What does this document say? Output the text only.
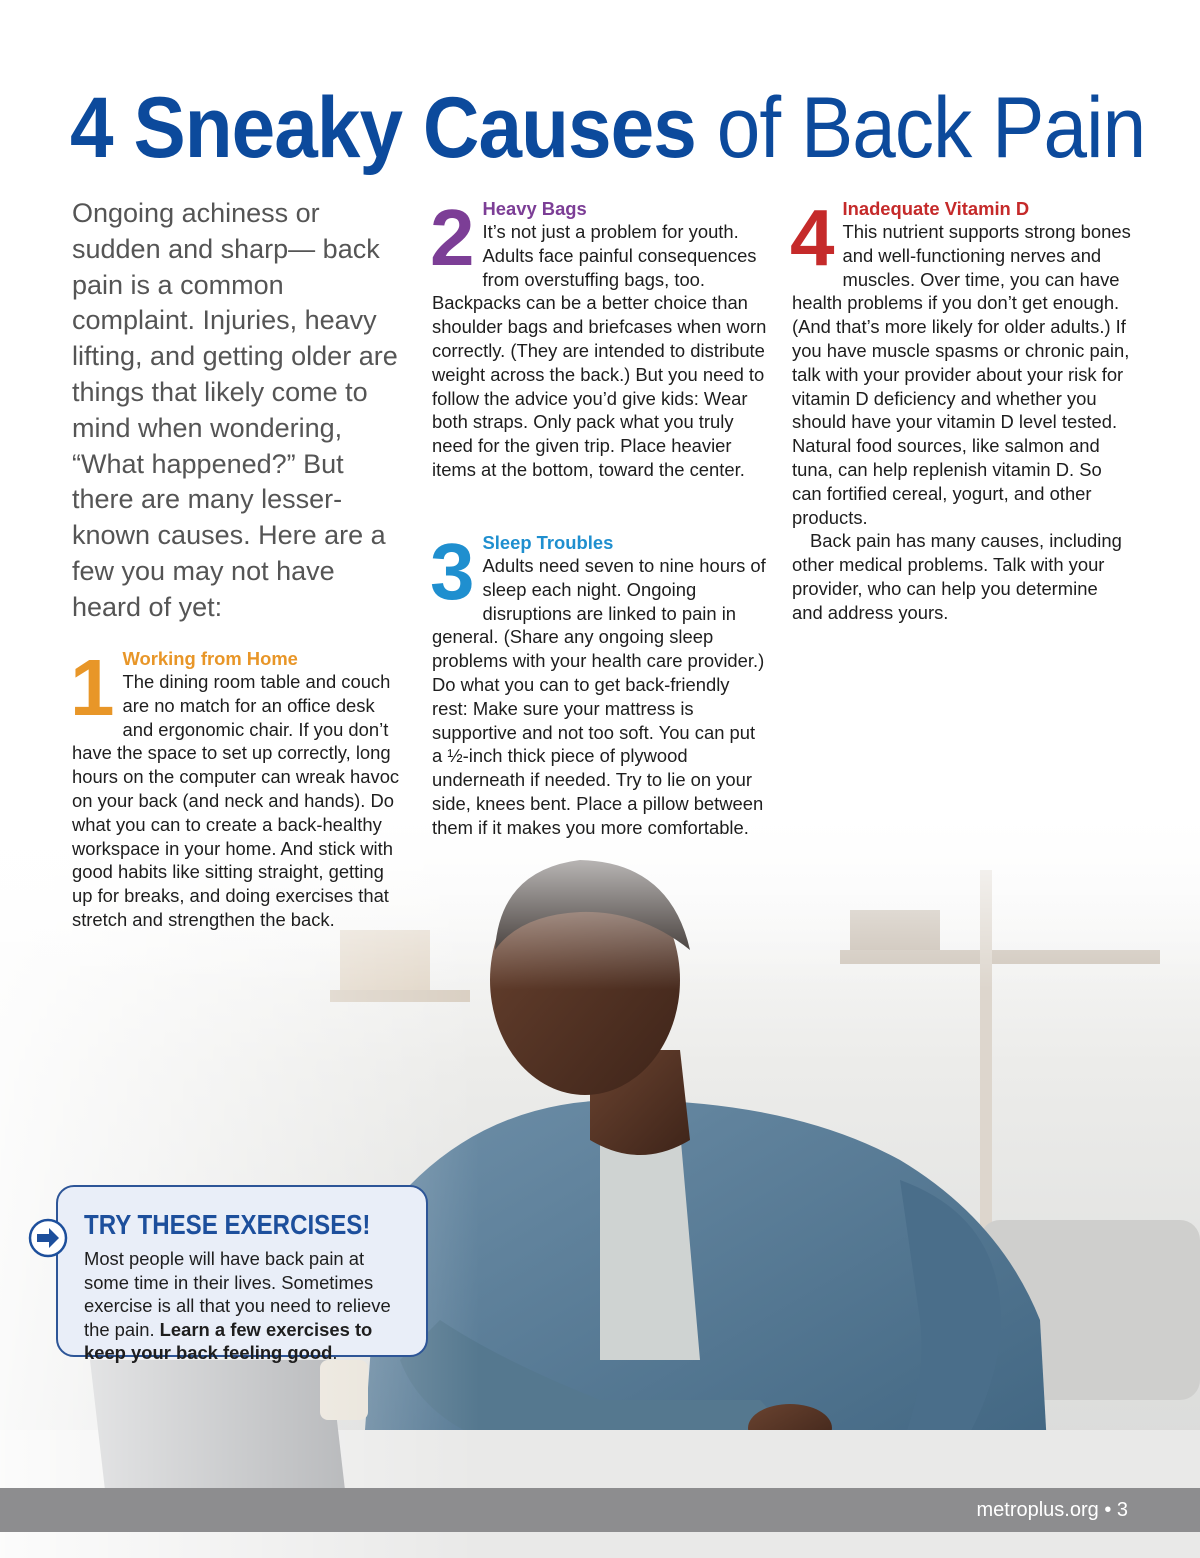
4 Sneaky Causes of Back Pain

Ongoing achiness or sudden and sharp— back pain is a common complaint. Injuries, heavy lifting, and getting older are things that likely come to mind when wondering, “What happened?” But there are many lesser-known causes. Here are a few you may not have heard of yet:

1 Working from Home

The dining room table and couch are no match for an office desk and ergonomic chair. If you don’t have the space to set up correctly, long hours on the computer can wreak havoc on your back (and neck and hands). Do what you can to create a back-healthy workspace in your home. And stick with good habits like sitting straight, getting up for breaks, and doing exercises that stretch and strengthen the back.

2 Heavy Bags

It’s not just a problem for youth. Adults face painful consequences from overstuffing bags, too. Backpacks can be a better choice than shoulder bags and briefcases when worn correctly. (They are intended to distribute weight across the back.) But you need to follow the advice you’d give kids: Wear both straps. Only pack what you truly need for the given trip. Place heavier items at the bottom, toward the center.

3 Sleep Troubles

Adults need seven to nine hours of sleep each night. Ongoing disruptions are linked to pain in general. (Share any ongoing sleep problems with your health care provider.) Do what you can to get back-friendly rest: Make sure your mattress is supportive and not too soft. You can put a ½-inch thick piece of plywood underneath if needed. Try to lie on your side, knees bent. Place a pillow between them if it makes you more comfortable.

4 Inadequate Vitamin D

This nutrient supports strong bones and well-functioning nerves and muscles. Over time, you can have health problems if you don’t get enough. (And that’s more likely for older adults.) If you have muscle spasms or chronic pain, talk with your provider about your risk for vitamin D deficiency and whether you should have your vitamin D level tested. Natural food sources, like salmon and tuna, can help replenish vitamin D. So can fortified cereal, yogurt, and other products.

Back pain has many causes, including other medical problems. Talk with your provider, who can help you determine and address yours.

TRY THESE EXERCISES!

Most people will have back pain at some time in their lives. Sometimes exercise is all that you need to relieve the pain. Learn a few exercises to keep your back feeling good.

metroplus.org • 3
